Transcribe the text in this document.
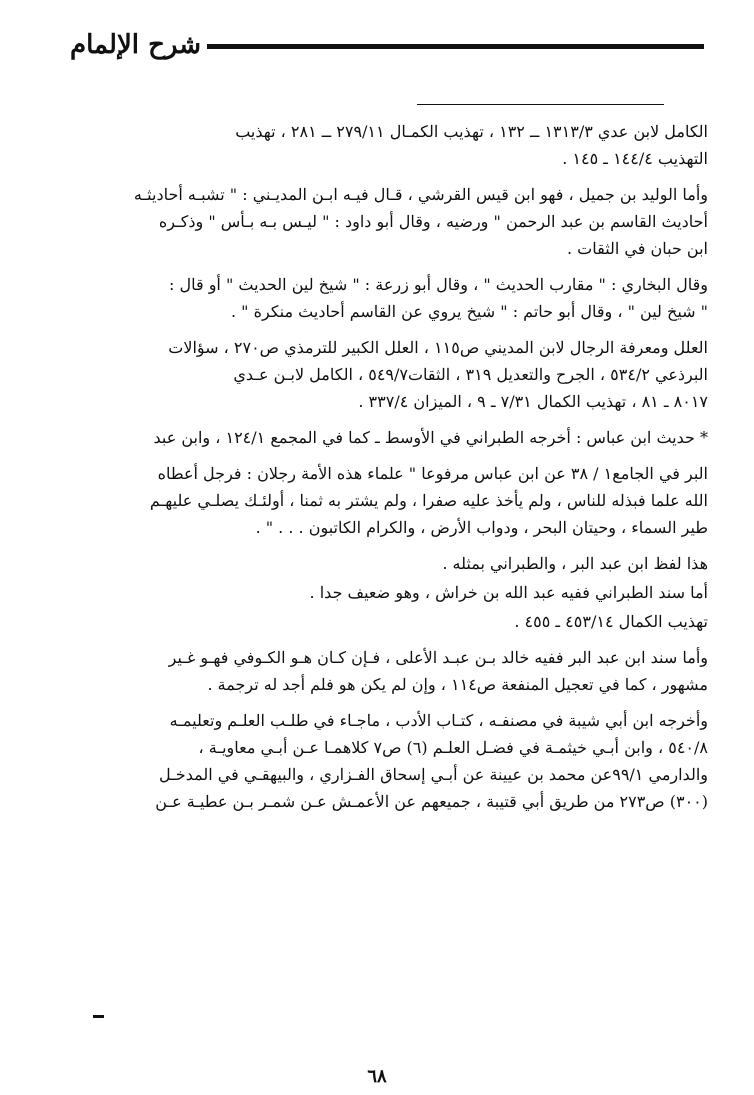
شرح الإلمام

الكامل لابن عدي ١٣١٣/٣ ــ ١٣٢ ، تهذيب الكمـال ٢٧٩/١١ ــ ٢٨١ ، تهذيب
التهذيب ١٤٤/٤ ـ ١٤٥ .

وأما الوليد بن جميل ، فهو ابن قيس القرشي ، قـال فيـه ابـن المديـني : " تشبـه أحاديثـه
أحاديث القاسم بن عبد الرحمن " ورضيه ، وقال أبو داود : " ليـس بـه بـأس " وذكـره
ابن حبان في الثقات .

وقال البخاري : " مقارب الحديث " ، وقال أبو زرعة : " شيخ لين الحديث " أو قال :
" شيخ لين " ، وقال أبو حاتم : " شيخ يروي عن القاسم أحاديث منكرة " .

العلل ومعرفة الرجال لابن المديني ص١١٥ ، العلل الكبير للترمذي ص٢٧٠ ، سؤالات
البرذعي ٥٣٤/٢ ، الجرح والتعديل ٣١٩ ، الثقات٥٤٩/٧ ، الكامل لابـن عـدي
٨٠١٧ ـ ٨١ ، تهذيب الكمال ٧/٣١ ـ ٩ ، الميزان ٣٣٧/٤ .

* حديث ابن عباس : أخرجه الطبراني في الأوسط ـ كما في المجمع ١٢٤/١ ، وابن عبد

البر في الجامع١ / ٣٨ عن ابن عباس مرفوعا " علماء هذه الأمة رجلان : فرجل أعطاه
الله علما فبذله للناس ، ولم يأخذ عليه صفرا ، ولم يشتر به ثمنا ، أولئـك يصلـي عليهـم
طير السماء ، وحيتان البحر ، ودواب الأرض ، والكرام الكاتبون . . . " .

هذا لفظ ابن عبد البر ، والطبراني بمثله .

أما سند الطبراني ففيه عبد الله بن خراش ، وهو ضعيف جدا .

تهذيب الكمال ٤٥٣/١٤ ـ ٤٥٥ .

وأما سند ابن عبد البر ففيه خالد بـن عبـد الأعلى ، فـإن كـان هـو الكـوفي فهـو غـير
مشهور ، كما في تعجيل المنفعة ص١١٤ ، وإن لم يكن هو فلم أجد له ترجمة .

وأخرجه ابن أبي شيبة في مصنفـه ، كتـاب الأدب ، ماجـاء في طلـب العلـم وتعليمـه
٥٤٠/٨ ، وابن أبـي خيثمـة في فضـل العلـم (٦) ص٧ كلاهمـا عـن أبـي معاويـة ،
والدارمي ٩٩/١عن محمد بن عيينة عن أبـي إسحاق الفـزاري ، والبيهقـي في المدخـل
(٣٠٠) ص٢٧٣ من طريق أبي قتيبة ، جميعهم عن الأعمـش عـن شمـر بـن عطيـة عـن

٦٨
